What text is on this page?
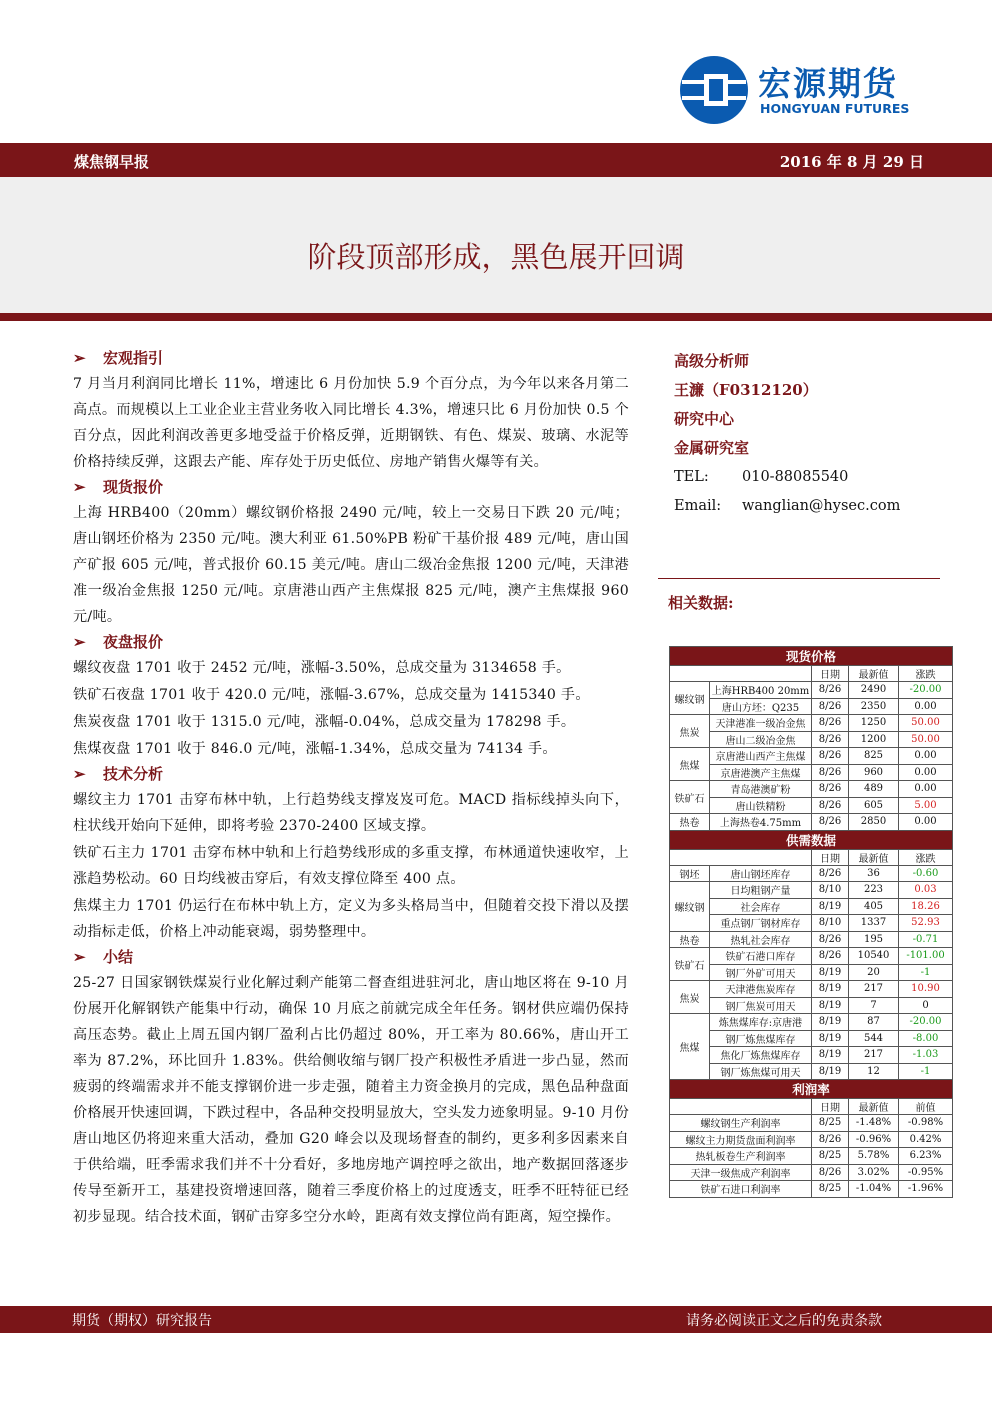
宏源期货
HONGYUAN FUTURES
煤焦钢早报	2016 年 8 月 29 日
阶段顶部形成，黑色展开回调
➢ 宏观指引
7 月当月利润同比增长 11%，增速比 6 月份加快 5.9 个百分点，为今年以来各月第二高点。而规模以上工业企业主营业务收入同比增长 4.3%，增速只比 6 月份加快 0.5 个百分点，因此利润改善更多地受益于价格反弹，近期钢铁、有色、煤炭、玻璃、水泥等价格持续反弹，这跟去产能、库存处于历史低位、房地产销售火爆等有关。
➢ 现货报价
上海 HRB400（20mm）螺纹钢价格报 2490 元/吨，较上一交易日下跌 20 元/吨；唐山钢坯价格为 2350 元/吨。澳大利亚 61.50%PB 粉矿干基价报 489 元/吨，唐山国产矿报 605 元/吨，普式报价 60.15 美元/吨。唐山二级冶金焦报 1200 元/吨，天津港准一级冶金焦报 1250 元/吨。京唐港山西产主焦煤报 825 元/吨，澳产主焦煤报 960 元/吨。
➢ 夜盘报价
螺纹夜盘 1701 收于 2452 元/吨，涨幅-3.50%，总成交量为 3134658 手。
铁矿石夜盘 1701 收于 420.0 元/吨，涨幅-3.67%，总成交量为 1415340 手。
焦炭夜盘 1701 收于 1315.0 元/吨，涨幅-0.04%，总成交量为 178298 手。
焦煤夜盘 1701 收于 846.0 元/吨，涨幅-1.34%，总成交量为 74134 手。
➢ 技术分析
螺纹主力 1701 击穿布林中轨，上行趋势线支撑岌岌可危。MACD 指标线掉头向下，柱状线开始向下延伸，即将考验 2370-2400 区域支撑。
铁矿石主力 1701 击穿布林中轨和上行趋势线形成的多重支撑，布林通道快速收窄，上涨趋势松动。60 日均线被击穿后，有效支撑位降至 400 点。
焦煤主力 1701 仍运行在布林中轨上方，定义为多头格局当中，但随着交投下滑以及摆动指标走低，价格上冲动能衰竭，弱势整理中。
➢ 小结
25-27 日国家钢铁煤炭行业化解过剩产能第二督查组进驻河北，唐山地区将在 9-10 月份展开化解钢铁产能集中行动，确保 10 月底之前就完成全年任务。钢材供应端仍保持高压态势。截止上周五国内钢厂盈利占比仍超过 80%，开工率为 80.66%，唐山开工率为 87.2%，环比回升 1.83%。供给侧收缩与钢厂投产积极性矛盾进一步凸显，然而疲弱的终端需求并不能支撑钢价进一步走强，随着主力资金换月的完成，黑色品种盘面价格展开快速回调，下跌过程中，各品种交投明显放大，空头发力迹象明显。9-10 月份唐山地区仍将迎来重大活动，叠加 G20 峰会以及现场督查的制约，更多利多因素来自于供给端，旺季需求我们并不十分看好，多地房地产调控呼之欲出，地产数据回落逐步传导至新开工，基建投资增速回落，随着三季度价格上的过度透支，旺季不旺特征已经初步显现。结合技术面，钢矿击穿多空分水岭，距离有效支撑位尚有距离，短空操作。
高级分析师
王濂（F0312120）
研究中心
金属研究室
TEL: 010-88085540
Email: wanglian@hysec.com
相关数据:
现货价格				
		日期	最新值	涨跌
螺纹钢	上海HRB400 20mm	8/26	2490	-20.00
	唐山方坯：Q235	8/26	2350	0.00
焦炭	天津港准一级冶金焦	8/26	1250	50.00
	唐山二级冶金焦	8/26	1200	50.00
焦煤	京唐港山西产主焦煤	8/26	825	0.00
	京唐港澳产主焦煤	8/26	960	0.00
铁矿石	青岛港澳矿粉	8/26	489	0.00
	唐山铁精粉	8/26	605	5.00
热卷	上海热卷4.75mm	8/26	2850	0.00
供需数据				
		日期	最新值	涨跌
钢坯	唐山钢坯库存	8/26	36	-0.60
螺纹钢	日均粗钢产量	8/10	223	0.03
	社会库存	8/19	405	18.26
	重点钢厂钢材库存	8/10	1337	52.93
热卷	热轧社会库存	8/26	195	-0.71
铁矿石	铁矿石港口库存	8/26	10540	-101.00
	钢厂外矿可用天	8/19	20	-1
焦炭	天津港焦炭库存	8/19	217	10.90
	钢厂焦炭可用天	8/19	7	0
焦煤	炼焦煤库存:京唐港	8/19	87	-20.00
	钢厂炼焦煤库存	8/19	544	-8.00
	焦化厂炼焦煤库存	8/19	217	-1.03
	钢厂炼焦煤可用天	8/19	12	-1
利润率				
		日期	最新值	前值
螺纹钢生产利润率		8/25	-1.48%	-0.98%
螺纹主力期货盘面利润率		8/26	-0.96%	0.42%
热轧板卷生产利润率		8/25	5.78%	6.23%
天津一级焦成产利润率		8/26	3.02%	-0.95%
铁矿石进口利润率		8/25	-1.04%	-1.96%
期货（期权）研究报告	请务必阅读正文之后的免责条款
